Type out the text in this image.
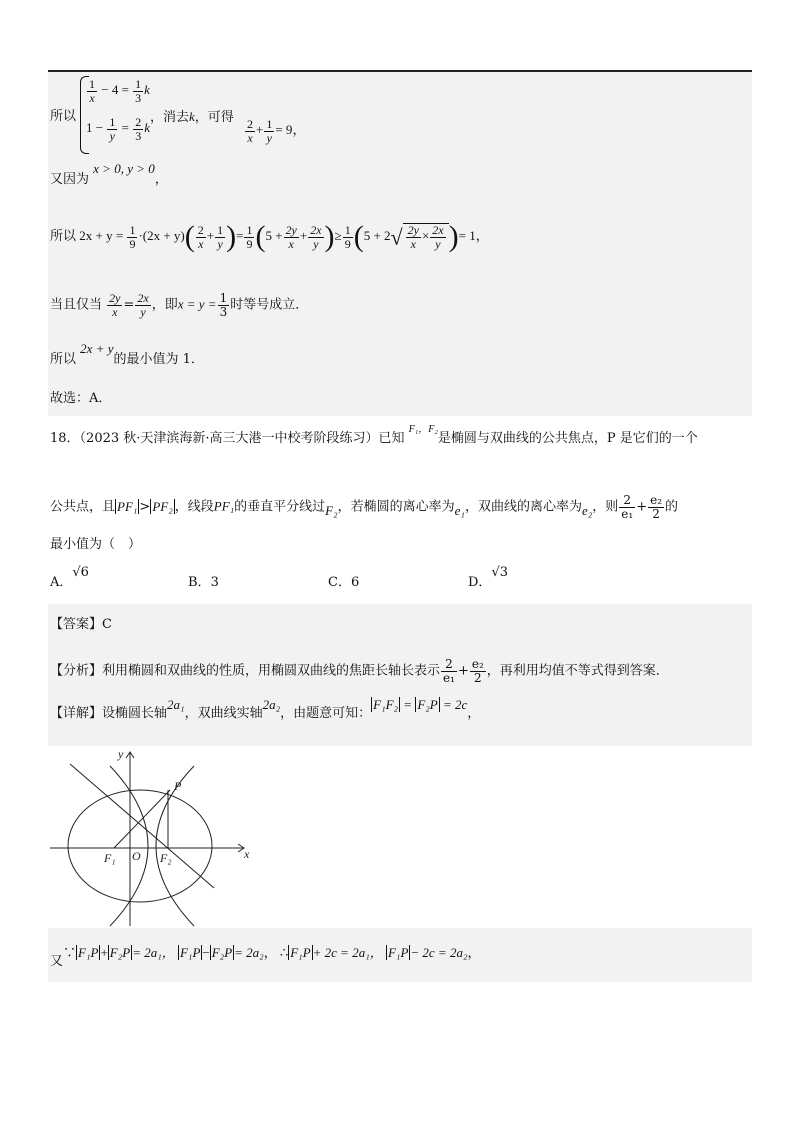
所以
$\frac{1}{x} - 4 = \frac{1}{3}$ k
$1 - \frac{1}{y} = \frac{2}{3}$ k
，消去k，可得
$\frac{2}{x} + \frac{1}{y} = 9$，
又因为 x > 0, y > 0，
所以 $2x + y = \frac{1}{9} \cdot(2x + y)( \frac{2}{x} + \frac{1}{y}$ )= $\frac{1}{9} (5 + \frac{2y}{x} + \frac{2x}{y}$ )≥ $\frac{1}{9} (5 + 2√ \frac{2y}{x} \times \frac{2x}{y}$ )= 1，
当且仅当 $\frac{2y}{x} = \frac{2x}{y}$ ，即$x = y = \frac{1}{3}$ 时等号成立．
所以 2x + y的最小值为 1．
故选：A．
18．（2023 秋·天津滨海新·高三大港一中校考阶段练习）已知 $^{F_1,F_2}$是椭圆与双曲线的公共焦点，P 是它们的一个
公共点，且 PF₁ > PF₂ ，线段PF₁的垂直平分线过F₂，若椭圆的离心率为e₁，双曲线的离心率为e₂，则 $\frac{2}{\text{e₁}} + \frac{\text{e₂}}{2}$ 的
最小值为（　）
A．√6
B．3	C．6	D．√3
【答案】C
【分析】利用椭圆和双曲线的性质，用椭圆双曲线的焦距长轴长表示 $\frac{2}{\text{e₁}} + \frac{\text{e₂}}{2}$ ，再利用均值不等式得到答案．
【详解】设椭圆长轴2a₁，双曲线实轴2a₂，由题意可知：F₁F₂ = F₂P = 2c，
y
x
P
F₁ O F₂
又∵ F₁P + F₂P = 2a₁， F₁P − F₂P = 2a₂， ∴ F₁P + 2c = 2a₁， F₁P − 2c = 2a₂，
